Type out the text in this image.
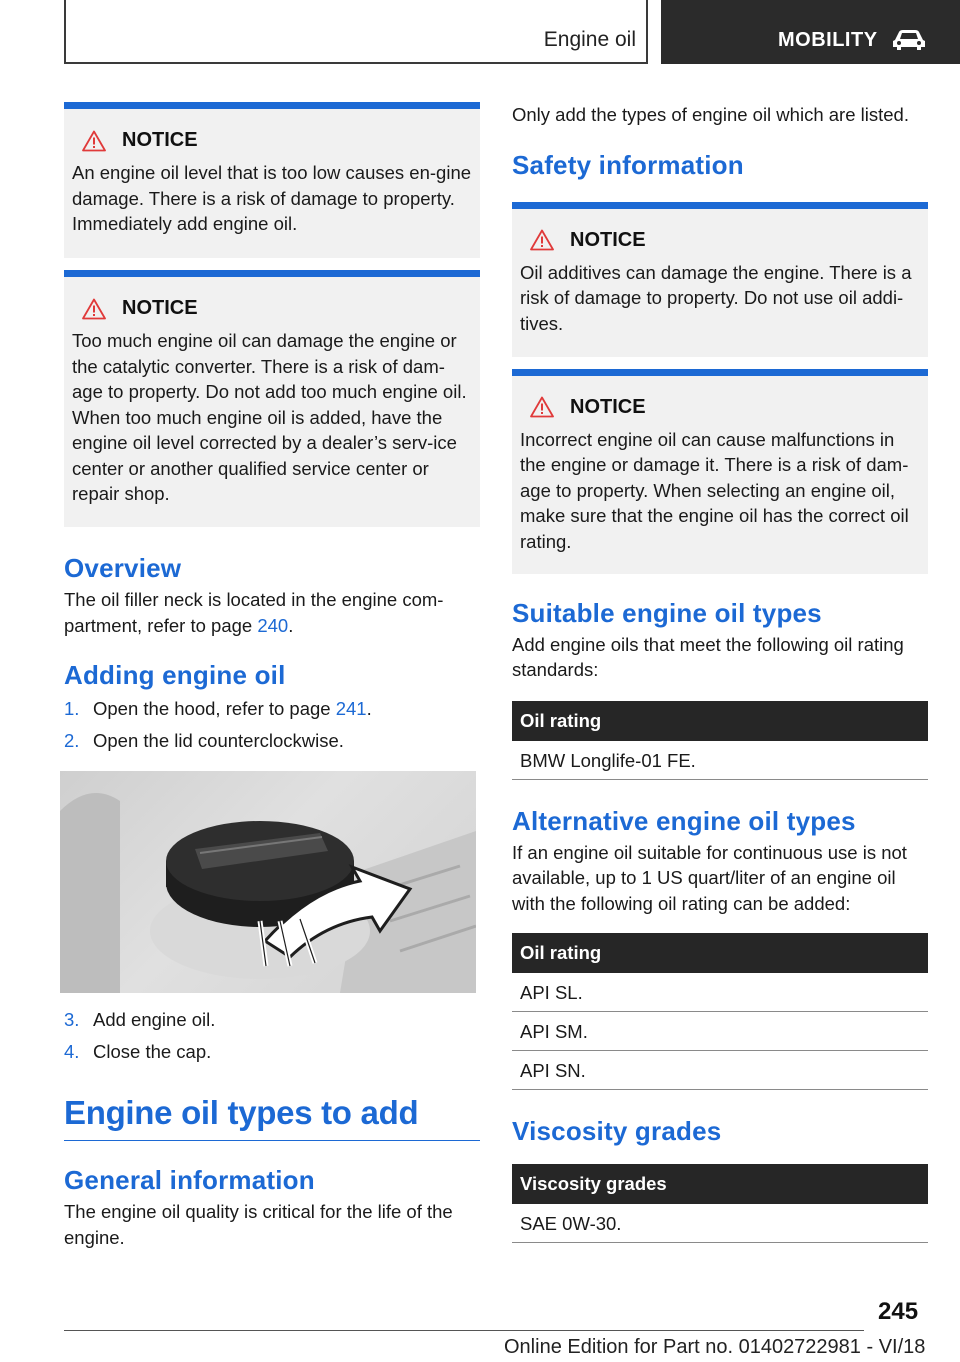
Engine oil	MOBILITY
NOTICE
An engine oil level that is too low causes en‐gine damage. There is a risk of damage to property. Immediately add engine oil.
NOTICE
Too much engine oil can damage the engine or the catalytic converter. There is a risk of dam‐age to property. Do not add too much engine oil. When too much engine oil is added, have the engine oil level corrected by a dealer’s serv‐ice center or another qualified service center or repair shop.
Overview
The oil filler neck is located in the engine com‐partment, refer to page 240.
Adding engine oil
1. Open the hood, refer to page 241.
2. Open the lid counterclockwise.
3. Add engine oil.
4. Close the cap.
Engine oil types to add
General information
The engine oil quality is critical for the life of the engine.
Only add the types of engine oil which are listed.
Safety information
NOTICE
Oil additives can damage the engine. There is a risk of damage to property. Do not use oil addi‐tives.
NOTICE
Incorrect engine oil can cause malfunctions in the engine or damage it. There is a risk of dam‐age to property. When selecting an engine oil, make sure that the engine oil has the correct oil rating.
Suitable engine oil types
Add engine oils that meet the following oil rating standards:
Oil rating
BMW Longlife-01 FE.
Alternative engine oil types
If an engine oil suitable for continuous use is not available, up to 1 US quart/liter of an engine oil with the following oil rating can be added:
Oil rating
API SL.
API SM.
API SN.
Viscosity grades
Viscosity grades
SAE 0W-30.
245
Online Edition for Part no. 01402722981 - VI/18
